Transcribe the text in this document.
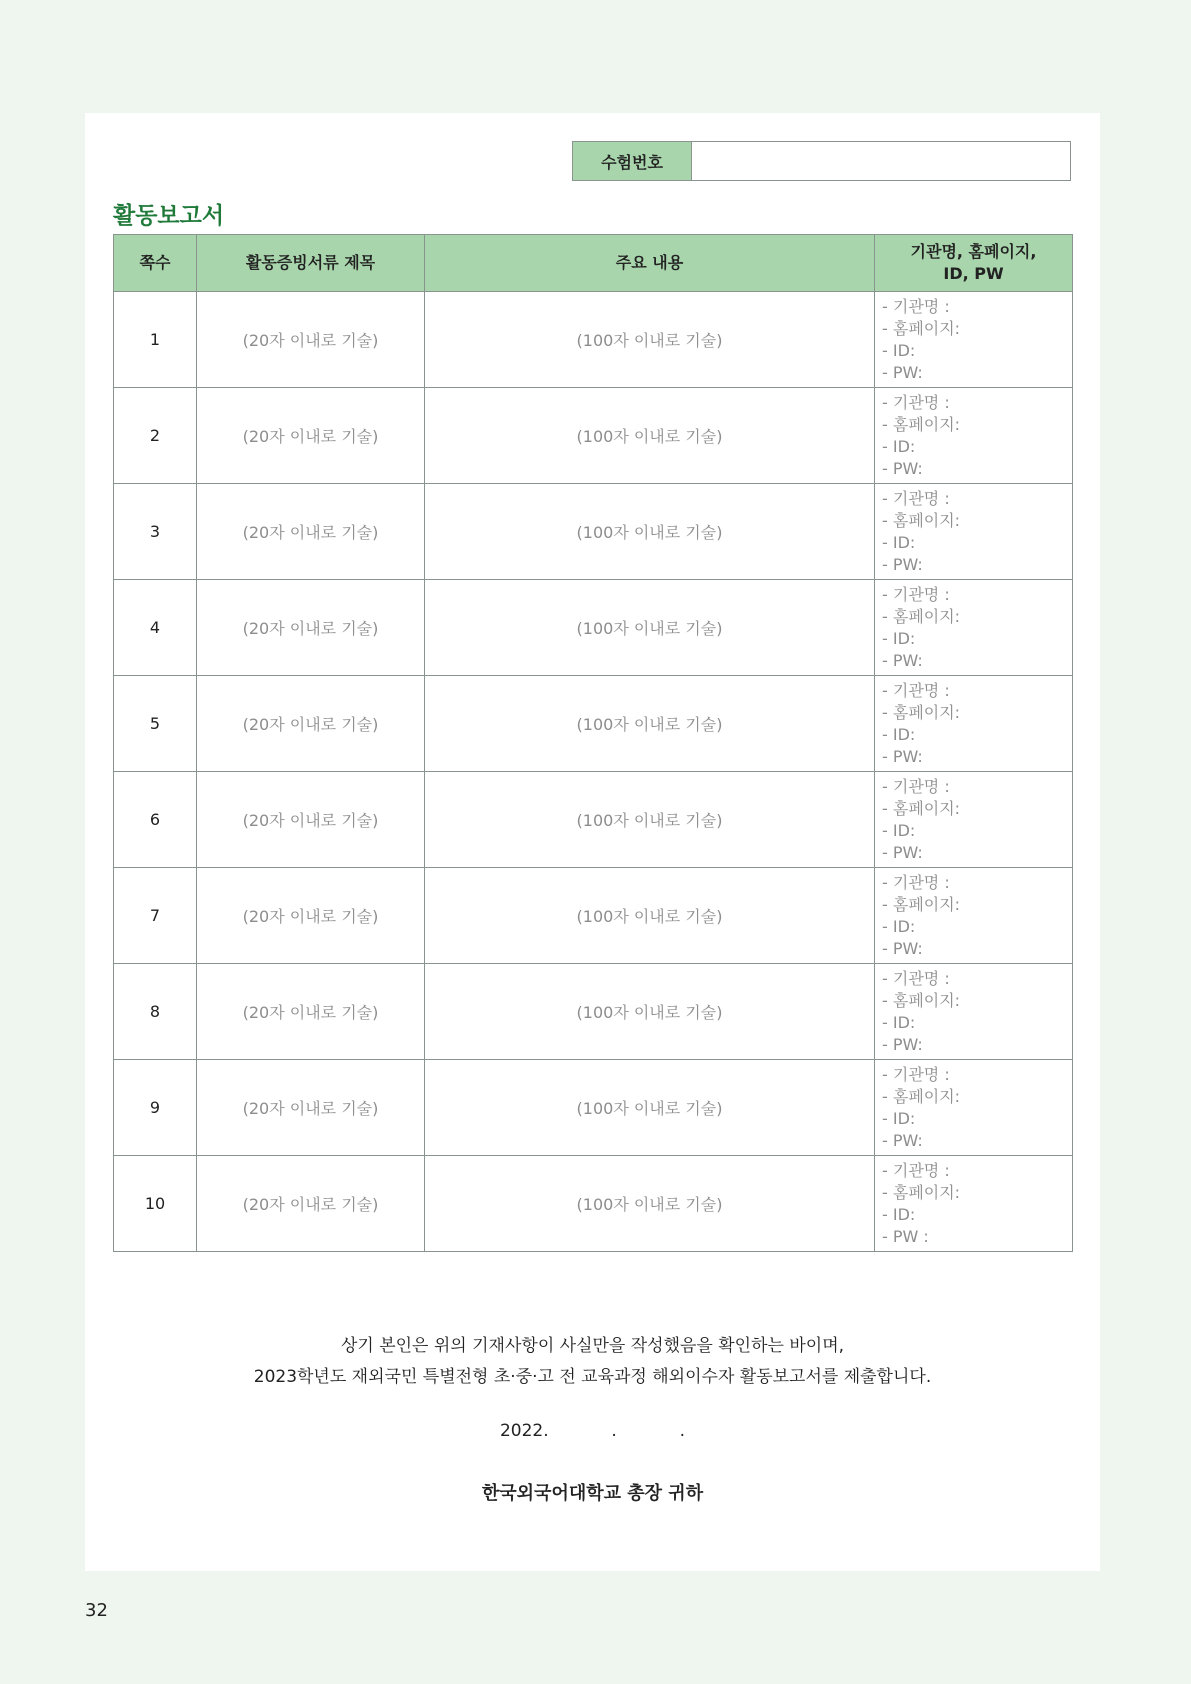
수험번호
활동보고서
쪽수	활동증빙서류 제목	주요 내용	기관명, 홈페이지,
ID, PW

1	(20자 이내로 기술)	(100자 이내로 기술)	- 기관명 :
- 홈페이지:
- ID:
- PW:

2	(20자 이내로 기술)	(100자 이내로 기술)	- 기관명 :
- 홈페이지:
- ID:
- PW:

3	(20자 이내로 기술)	(100자 이내로 기술)	- 기관명 :
- 홈페이지:
- ID:
- PW:

4	(20자 이내로 기술)	(100자 이내로 기술)	- 기관명 :
- 홈페이지:
- ID:
- PW:

5	(20자 이내로 기술)	(100자 이내로 기술)	- 기관명 :
- 홈페이지:
- ID:
- PW:

6	(20자 이내로 기술)	(100자 이내로 기술)	- 기관명 :
- 홈페이지:
- ID:
- PW:

7	(20자 이내로 기술)	(100자 이내로 기술)	- 기관명 :
- 홈페이지:
- ID:
- PW:

8	(20자 이내로 기술)	(100자 이내로 기술)	- 기관명 :
- 홈페이지:
- ID:
- PW:

9	(20자 이내로 기술)	(100자 이내로 기술)	- 기관명 :
- 홈페이지:
- ID:
- PW:

10	(20자 이내로 기술)	(100자 이내로 기술)	- 기관명 :
- 홈페이지:
- ID:
- PW :
상기 본인은 위의 기재사항이 사실만을 작성했음을 확인하는 바이며,
2023학년도 재외국민 특별전형 초·중·고 전 교육과정 해외이수자 활동보고서를 제출합니다.
2022.	.	.
한국외국어대학교 총장 귀하
32
